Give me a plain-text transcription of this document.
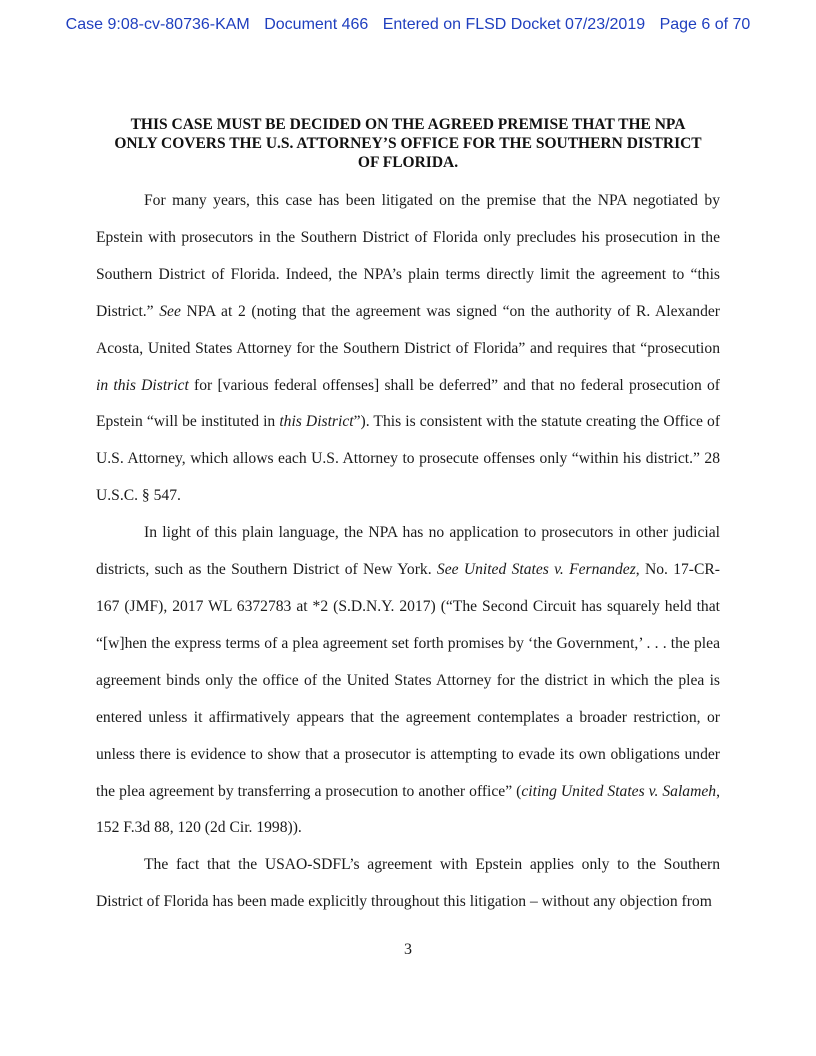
Case 9:08-cv-80736-KAM Document 466 Entered on FLSD Docket 07/23/2019 Page 6 of 70
THIS CASE MUST BE DECIDED ON THE AGREED PREMISE THAT THE NPA
ONLY COVERS THE U.S. ATTORNEY’S OFFICE FOR THE SOUTHERN DISTRICT
OF FLORIDA.

For many years, this case has been litigated on the premise that the NPA negotiated by Epstein with prosecutors in the Southern District of Florida only precludes his prosecution in the Southern District of Florida. Indeed, the NPA’s plain terms directly limit the agreement to “this District.” See NPA at 2 (noting that the agreement was signed “on the authority of R. Alexander Acosta, United States Attorney for the Southern District of Florida” and requires that “prosecution in this District for [various federal offenses] shall be deferred” and that no federal prosecution of Epstein “will be instituted in this District”). This is consistent with the statute creating the Office of U.S. Attorney, which allows each U.S. Attorney to prosecute offenses only “within his district.” 28 U.S.C. § 547.

In light of this plain language, the NPA has no application to prosecutors in other judicial districts, such as the Southern District of New York. See United States v. Fernandez, No. 17-CR-167 (JMF), 2017 WL 6372783 at *2 (S.D.N.Y. 2017) (“The Second Circuit has squarely held that “[w]hen the express terms of a plea agreement set forth promises by ‘the Government,’ . . . the plea agreement binds only the office of the United States Attorney for the district in which the plea is entered unless it affirmatively appears that the agreement contemplates a broader restriction, or unless there is evidence to show that a prosecutor is attempting to evade its own obligations under the plea agreement by transferring a prosecution to another office” (citing United States v. Salameh, 152 F.3d 88, 120 (2d Cir. 1998)).

The fact that the USAO-SDFL’s agreement with Epstein applies only to the Southern District of Florida has been made explicitly throughout this litigation – without any objection from

3
